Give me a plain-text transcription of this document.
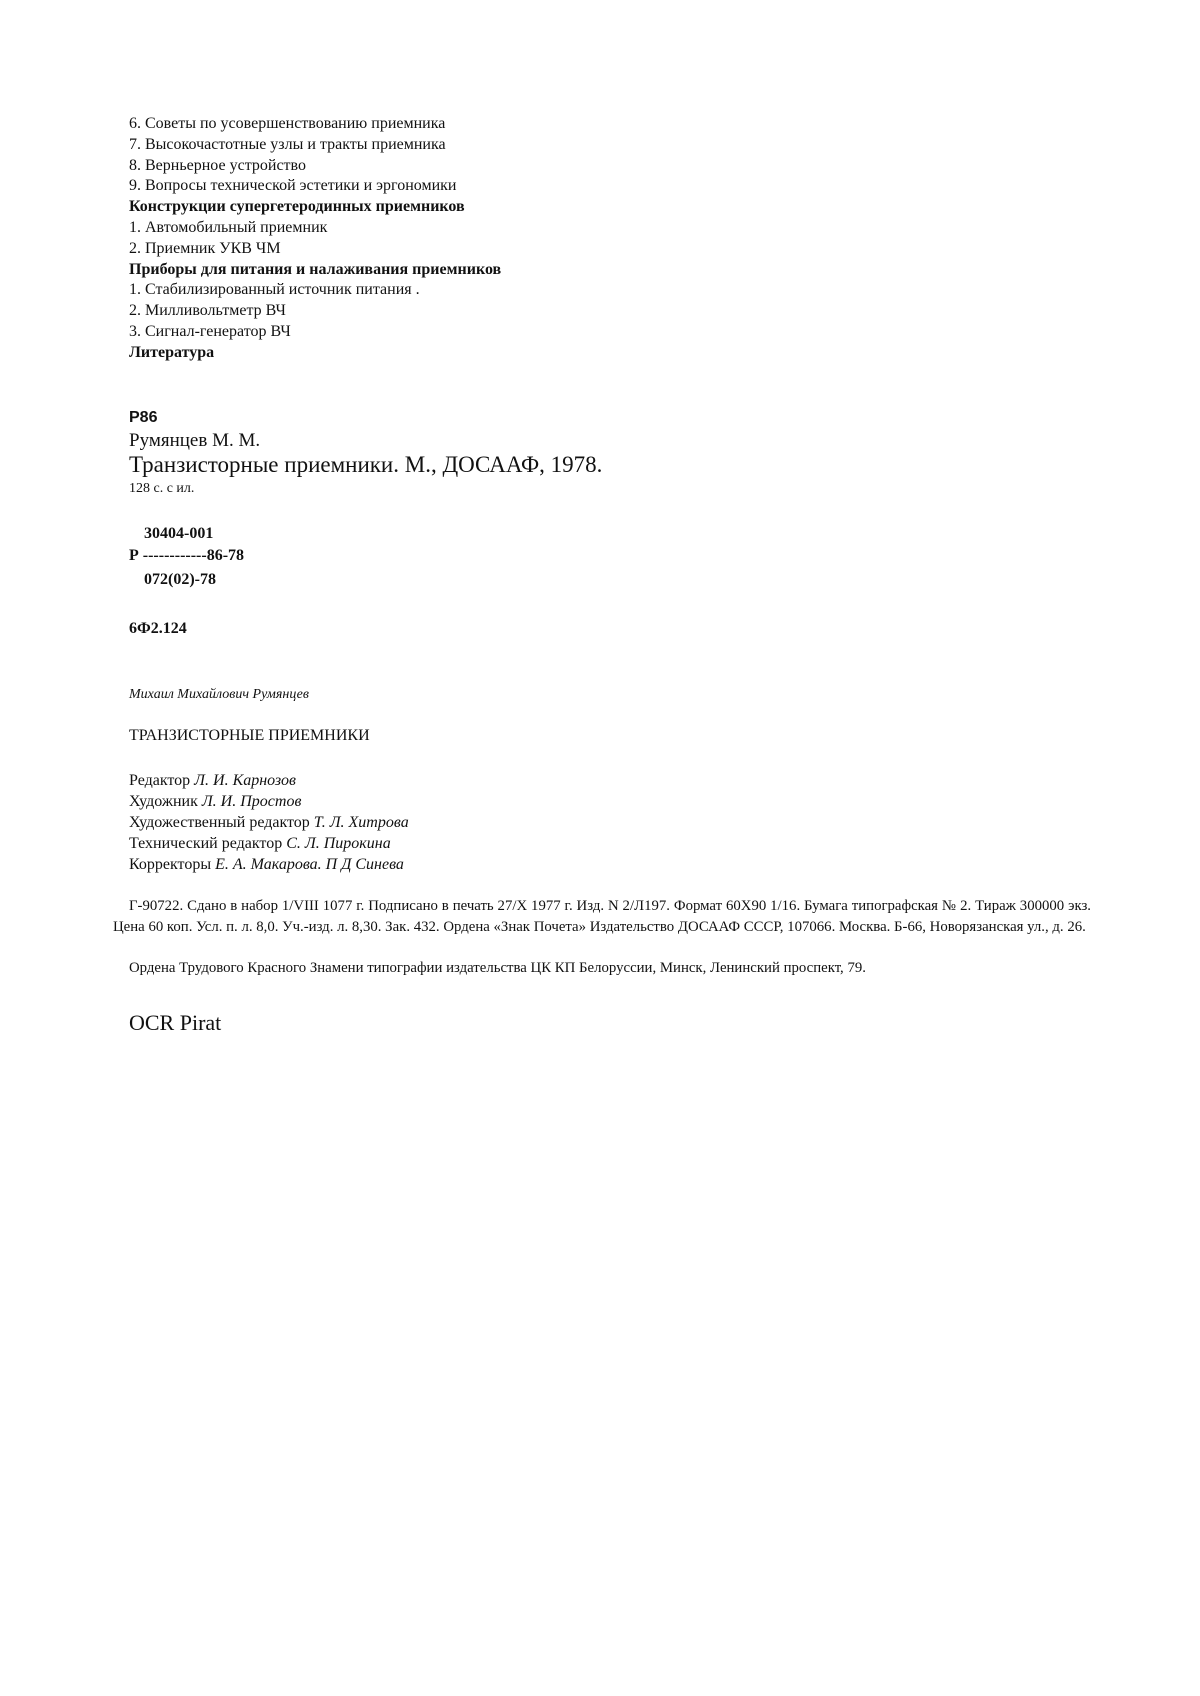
6. Советы по усовершенствованию приемника
7. Высокочастотные узлы и тракты приемника
8. Верньерное устройство
9. Вопросы технической эстетики и эргономики
Конструкции супергетеродинных приемников
1. Автомобильный приемник
2. Приемник УКВ ЧМ
Приборы для питания и налаживания приемников
1. Стабилизированный источник питания .
2. Милливольтметр ВЧ
3. Сигнал-генератор ВЧ
Литература
Р86
Румянцев М. М.
Транзисторные приемники. М., ДОСААФ, 1978.
128 с. с ил.
30404-001
Р ------------86-78
072(02)-78
6Ф2.124
Михаил Михайлович Румянцев
ТРАНЗИСТОРНЫЕ ПРИЕМНИКИ
Редактор Л. И. Карнозов
Художник Л. И. Простов
Художественный редактор Т. Л. Хитрова
Технический редактор С. Л. Пирокина
Корректоры Е. А. Макарова. П Д Синева

Г-90722. Сдано в набор 1/VIII 1077 г. Подписано в печать 27/X 1977 г. Изд. N 2/Л197. Формат 60Х90 1/16. Бумага типографская № 2. Тираж 300000 экз. Цена 60 коп. Усл. п. л. 8,0. Уч.-изд. л. 8,30. Зак. 432. Ордена «Знак Почета» Издательство ДОСААФ СССР, 107066. Москва. Б-66, Новорязанская ул., д. 26.

Ордена Трудового Красного Знамени типографии издательства ЦК КП Белоруссии, Минск, Ленинский проспект, 79.
OCR Pirat
